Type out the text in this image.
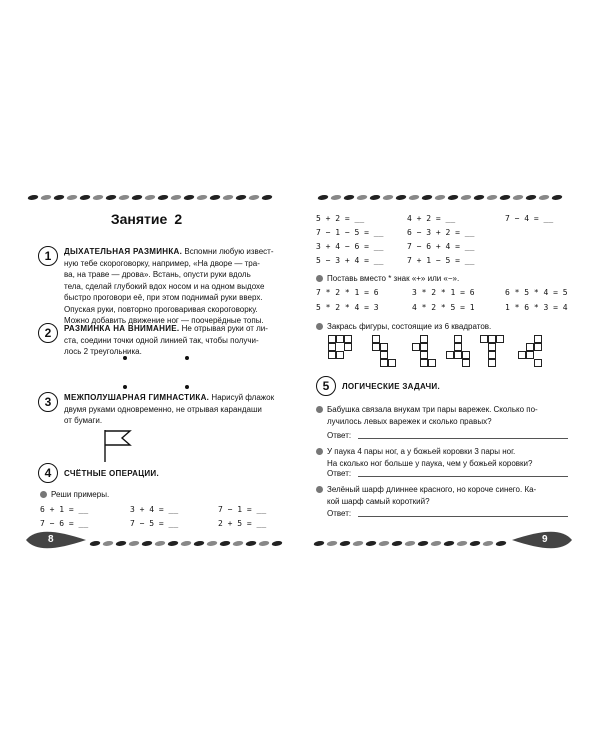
Занятие 2
1	ДЫХАТЕЛЬНАЯ РАЗМИНКА. Вспомни любую извест-
ную тебе скороговорку, например, «На дворе — тра-
ва, на траве — дрова». Встань, опусти руки вдоль
тела, сделай глубокий вдох носом и на одном выдохе
быстро проговори её, при этом поднимай руки вверх.
Опуская руки, повторно проговаривая скороговорку.
Можно добавить движение ног — поочерёдные топы.
2	РАЗМИНКА НА ВНИМАНИЕ. Не отрывая руки от ли-
ста, соедини точки одной линией так, чтобы получи-
лось 2 треугольника.
3	МЕЖПОЛУШАРНАЯ ГИМНАСТИКА. Нарисуй флажок
двумя руками одновременно, не отрывая карандаши
от бумаги.
4	СЧЁТНЫЕ ОПЕРАЦИИ.
Реши примеры.
6 + 1 = __	3 + 4 = __	7 − 1 = __
7 − 6 = __	7 − 5 = __	2 + 5 = __
8
5 + 2 = __	4 + 2 = __	7 − 4 = __
7 − 1 − 5 = __	6 − 3 + 2 = __
3 + 4 − 6 = __	7 − 6 + 4 = __
5 − 3 + 4 = __	7 + 1 − 5 = __
Поставь вместо * знак «+» или «−».
7 * 2 * 1 = 6	3 * 2 * 1 = 6	6 * 5 * 4 = 5
5 * 2 * 4 = 3	4 * 2 * 5 = 1	1 * 6 * 3 = 4
Закрась фигуры, состоящие из 6 квадратов.
5	ЛОГИЧЕСКИЕ ЗАДАЧИ.
Бабушка связала внукам три пары варежек. Сколько по-
лучилось левых варежек и сколько правых?
Ответ:
У паука 4 пары ног, а у божьей коровки 3 пары ног.
На сколько ног больше у паука, чем у божьей коровки?
Ответ:
Зелёный шарф длиннее красного, но короче синего. Ка-
кой шарф самый короткий?
Ответ:
9
